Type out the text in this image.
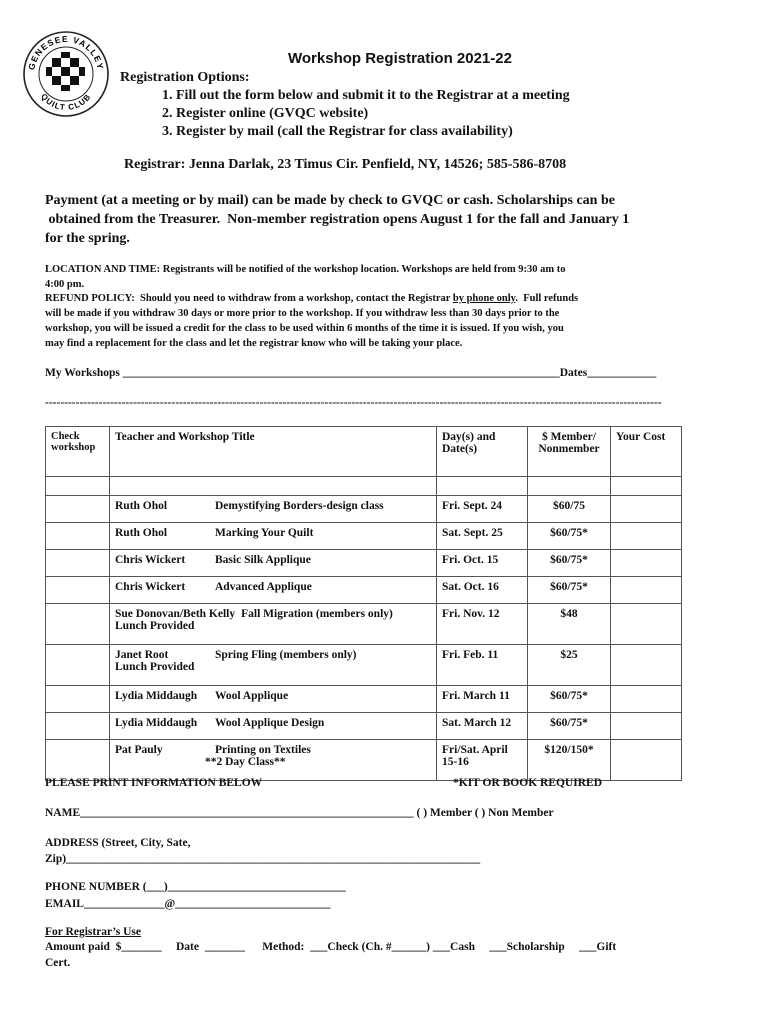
GENESEE VALLEY
QUILT CLUB
Workshop Registration 2021-22
Registration Options:
1. Fill out the form below and submit it to the Registrar at a meeting
2. Register online (GVQC website)
3. Register by mail (call the Registrar for class availability)
Registrar: Jenna Darlak, 23 Timus Cir. Penfield, NY, 14526; 585-586-8708
Payment (at a meeting or by mail) can be made by check to GVQC or cash. Scholarships can be
obtained from the Treasurer.  Non-member registration opens August 1 for the fall and January 1
for the spring.
LOCATION AND TIME: Registrants will be notified of the workshop location. Workshops are held from 9:30 am to
4:00 pm.
REFUND POLICY:  Should you need to withdraw from a workshop, contact the Registrar by phone only.  Full refunds
will be made if you withdraw 30 days or more prior to the workshop. If you withdraw less than 30 days prior to the
workshop, you will be issued a credit for the class to be used within 6 months of the time it is issued. If you wish, you
may find a replacement for the class and let the registrar know who will be taking your place.
My Workshops ____________________________________________________________________________Dates____________
-----------------------------------------------------------------------------------------------------------------------------------------------------------------
Check workshop	Teacher and Workshop Title	Day(s) and Date(s)	$ Member/ Nonmember	Your Cost

	Ruth Ohol Demystifying Borders-design class	Fri. Sept. 24	$60/75	
	Ruth Ohol Marking Your Quilt	Sat. Sept. 25	$60/75*	
	Chris Wickert Basic Silk Applique	Fri. Oct. 15	$60/75*	
	Chris Wickert Advanced Applique	Sat. Oct. 16	$60/75*	
	Sue Donovan/Beth Kelly Fall Migration (members only)
Lunch Provided	Fri. Nov. 12	$48	
	Janet Root Spring Fling (members only)
Lunch Provided	Fri. Feb. 11	$25	
	Lydia Middaugh Wool Applique	Fri. March 11	$60/75*	
	Lydia Middaugh Wool Applique Design	Sat. March 12	$60/75*	
	Pat Pauly Printing on Textiles
**2 Day Class**	Fri/Sat. April 15-16	$120/150*	
PLEASE PRINT INFORMATION BELOW	*KIT OR BOOK REQUIRED
NAME__________________________________________________________ ( ) Member ( ) Non Member
ADDRESS (Street, City, Sate,
Zip)________________________________________________________________________
PHONE NUMBER (___)_______________________________
EMAIL______________@___________________________
For Registrar’s Use
Amount paid  $_______     Date  _______      Method:  ___Check (Ch. #______) ___Cash     ___Scholarship     ___Gift
Cert.
